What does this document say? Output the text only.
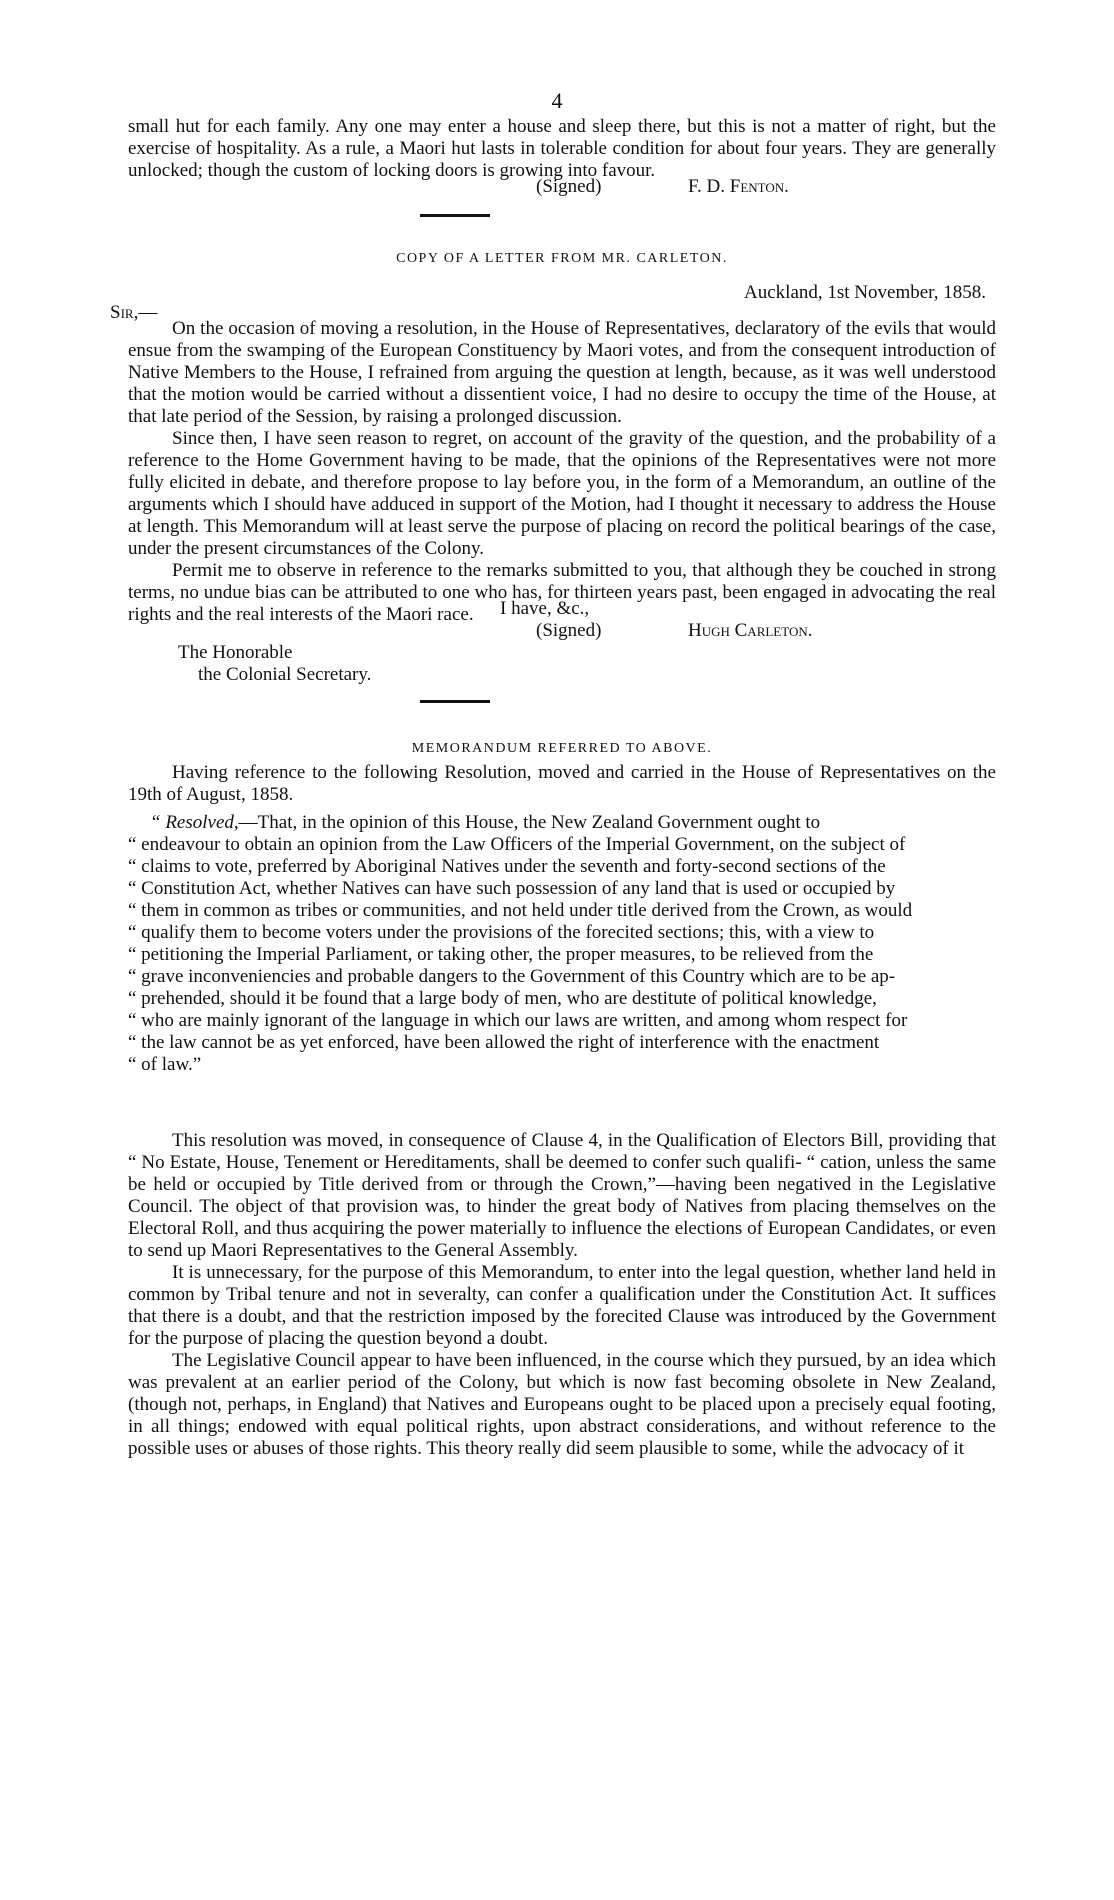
4

small hut for each family. Any one may enter a house and sleep there, but this is not a matter of right, but the exercise of hospitality. As a rule, a Maori hut lasts in tolerable condition for about four years. They are generally unlocked; though the custom of locking doors is growing into favour.

(Signed)	F. D. Fenton.
COPY OF A LETTER FROM MR. CARLETON.
Auckland, 1st November, 1858.
Sir,—

On the occasion of moving a resolution, in the House of Representatives, declaratory of the evils that would ensue from the swamping of the European Constituency by Maori votes, and from the consequent introduction of Native Members to the House, I refrained from arguing the question at length, because, as it was well understood that the motion would be carried without a dissentient voice, I had no desire to occupy the time of the House, at that late period of the Session, by raising a prolonged discussion.

Since then, I have seen reason to regret, on account of the gravity of the question, and the probability of a reference to the Home Government having to be made, that the opinions of the Representatives were not more fully elicited in debate, and therefore propose to lay before you, in the form of a Memorandum, an outline of the arguments which I should have adduced in support of the Motion, had I thought it necessary to address the House at length. This Memorandum will at least serve the purpose of placing on record the political bearings of the case, under the present circumstances of the Colony.

Permit me to observe in reference to the remarks submitted to you, that although they be couched in strong terms, no undue bias can be attributed to one who has, for thirteen years past, been engaged in advocating the real rights and the real interests of the Maori race.	I have, &c.,
(Signed)	Hugh Carleton.
The Honorable
the Colonial Secretary.
MEMORANDUM REFERRED TO ABOVE.
Having reference to the following Resolution, moved and carried in the House of Representatives on the 19th of August, 1858.

“ Resolved,—That, in the opinion of this House, the New Zealand Government ought to

“ endeavour to obtain an opinion from the Law Officers of the Imperial Government, on the subject of

“ claims to vote, preferred by Aboriginal Natives under the seventh and forty-second sections of the

“ Constitution Act, whether Natives can have such possession of any land that is used or occupied by

“ them in common as tribes or communities, and not held under title derived from the Crown, as would

“ qualify them to become voters under the provisions of the forecited sections; this, with a view to

“ petitioning the Imperial Parliament, or taking other, the proper measures, to be relieved from the

“ grave inconveniencies and probable dangers to the Government of this Country which are to be ap-

“ prehended, should it be found that a large body of men, who are destitute of political knowledge,

“ who are mainly ignorant of the language in which our laws are written, and among whom respect for

“ the law cannot be as yet enforced, have been allowed the right of interference with the enactment

“ of law.”

This resolution was moved, in consequence of Clause 4, in the Qualification of Electors Bill, providing that “ No Estate, House, Tenement or Hereditaments, shall be deemed to confer such qualifi- “ cation, unless the same be held or occupied by Title derived from or through the Crown,”—having been negatived in the Legislative Council. The object of that provision was, to hinder the great body of Natives from placing themselves on the Electoral Roll, and thus acquiring the power materially to influence the elections of European Candidates, or even to send up Maori Representatives to the General Assembly.

It is unnecessary, for the purpose of this Memorandum, to enter into the legal question, whether land held in common by Tribal tenure and not in severalty, can confer a qualification under the Constitution Act. It suffices that there is a doubt, and that the restriction imposed by the forecited Clause was introduced by the Government for the purpose of placing the question beyond a doubt.

The Legislative Council appear to have been influenced, in the course which they pursued, by an idea which was prevalent at an earlier period of the Colony, but which is now fast becoming obsolete in New Zealand, (though not, perhaps, in England) that Natives and Europeans ought to be placed upon a precisely equal footing, in all things; endowed with equal political rights, upon abstract considerations, and without reference to the possible uses or abuses of those rights. This theory really did seem plausible to some, while the advocacy of it
